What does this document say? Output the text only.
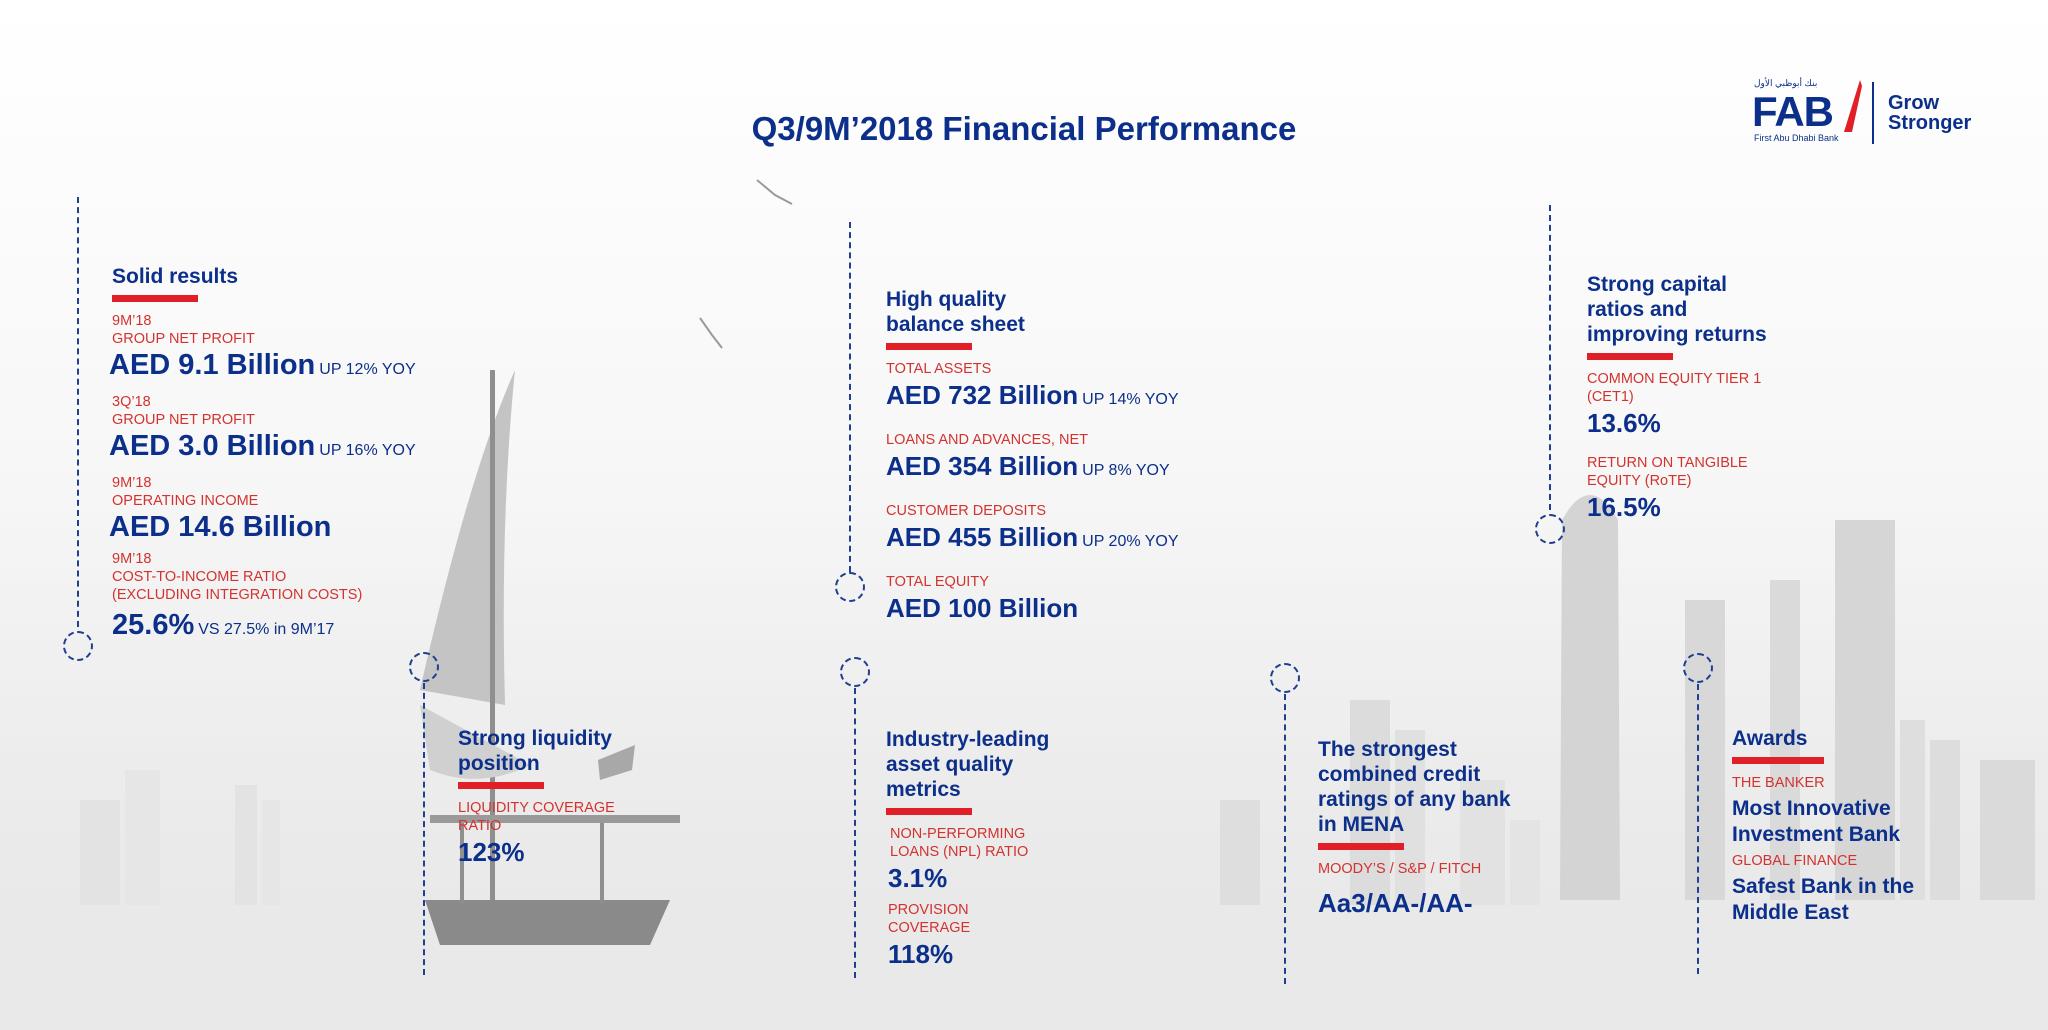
Q3/9M’2018 Financial Performance
بنك أبوظبي الأول
FAB
First Abu Dhabi Bank
Grow
Stronger
Solid results
9M’18
GROUP NET PROFIT
AED 9.1 Billion UP 12% YOY
3Q’18
GROUP NET PROFIT
AED 3.0 Billion UP 16% YOY
9M’18
OPERATING INCOME
AED 14.6 Billion
9M’18
COST-TO-INCOME RATIO
(EXCLUDING INTEGRATION COSTS)
25.6% VS 27.5% in 9M’17
High quality
balance sheet
TOTAL ASSETS
AED 732 Billion UP 14% YOY
LOANS AND ADVANCES, NET
AED 354 Billion UP 8% YOY
CUSTOMER DEPOSITS
AED 455 Billion UP 20% YOY
TOTAL EQUITY
AED 100 Billion
Strong capital
ratios and
improving returns
COMMON EQUITY TIER 1
(CET1)
13.6%
RETURN ON TANGIBLE
EQUITY (RoTE)
16.5%
Strong liquidity
position
LIQUIDITY COVERAGE
RATIO
123%
Industry-leading
asset quality
metrics
NON-PERFORMING
LOANS (NPL) RATIO
3.1%
PROVISION
COVERAGE
118%
The strongest
combined credit
ratings of any bank
in MENA
MOODY’S / S&P / FITCH
Aa3/AA-/AA-
Awards
THE BANKER
Most Innovative
Investment Bank
GLOBAL FINANCE
Safest Bank in the
Middle East
